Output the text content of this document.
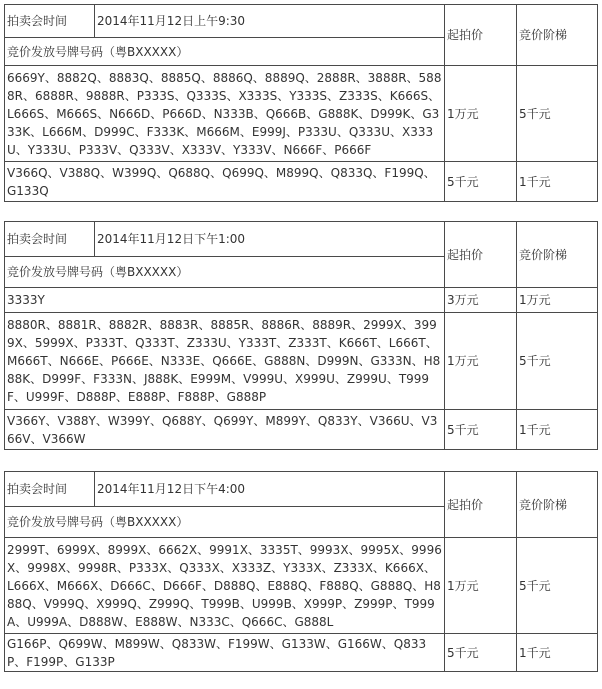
拍卖会时间	2014年11月12日上午9:30	起拍价	竞价阶梯
竞价发放号牌号码（粤BXXXXX）			
6669Y、8882Q、8883Q、8885Q、8886Q、8889Q、2888R、3888R、5888R、6888R、9888R、P333S、Q333S、X333S、Y333S、Z333S、K666S、L666S、M666S、N666D、P666D、N333B、Q666B、G888K、D999K、G333K、L666M、D999C、F333K、M666M、E999J、P333U、Q333U、X333U、Y333U、P333V、Q333V、X333V、Y333V、N666F、P666F		1万元	5千元
V366Q、V388Q、W399Q、Q688Q、Q699Q、M899Q、Q833Q、F199Q、G133Q		5千元	1千元
拍卖会时间	2014年11月12日下午1:00	起拍价	竞价阶梯
竞价发放号牌号码（粤BXXXXX）			
3333Y		3万元	1万元
8880R、8881R、8882R、8883R、8885R、8886R、8889R、2999X、3999X、5999X、P333T、Q333T、Z333U、Y333T、Z333T、K666T、L666T、M666T、N666E、P666E、N333E、Q666E、G888N、D999N、G333N、H888K、D999F、F333N、J888K、E999M、V999U、X999U、Z999U、T999F、U999F、D888P、E888P、F888P、G888P		1万元	5千元
V366Y、V388Y、W399Y、Q688Y、Q699Y、M899Y、Q833Y、V366U、V366V、V366W		5千元	1千元
拍卖会时间	2014年11月12日下午4:00	起拍价	竞价阶梯
竞价发放号牌号码（粤BXXXXX）			
2999T、6999X、8999X、6662X、9991X、3335T、9993X、9995X、9996X、9998X、9998R、P333X、Q333X、X333Z、Y333X、Z333X、K666X、L666X、M666X、D666C、D666F、D888Q、E888Q、F888Q、G888Q、H888Q、V999Q、X999Q、Z999Q、T999B、U999B、X999P、Z999P、T999A、U999A、D888W、E888W、N333C、Q666C、G888L		1万元	5千元
G166P、Q699W、M899W、Q833W、F199W、G133W、G166W、Q833P、F199P、G133P		5千元	1千元
